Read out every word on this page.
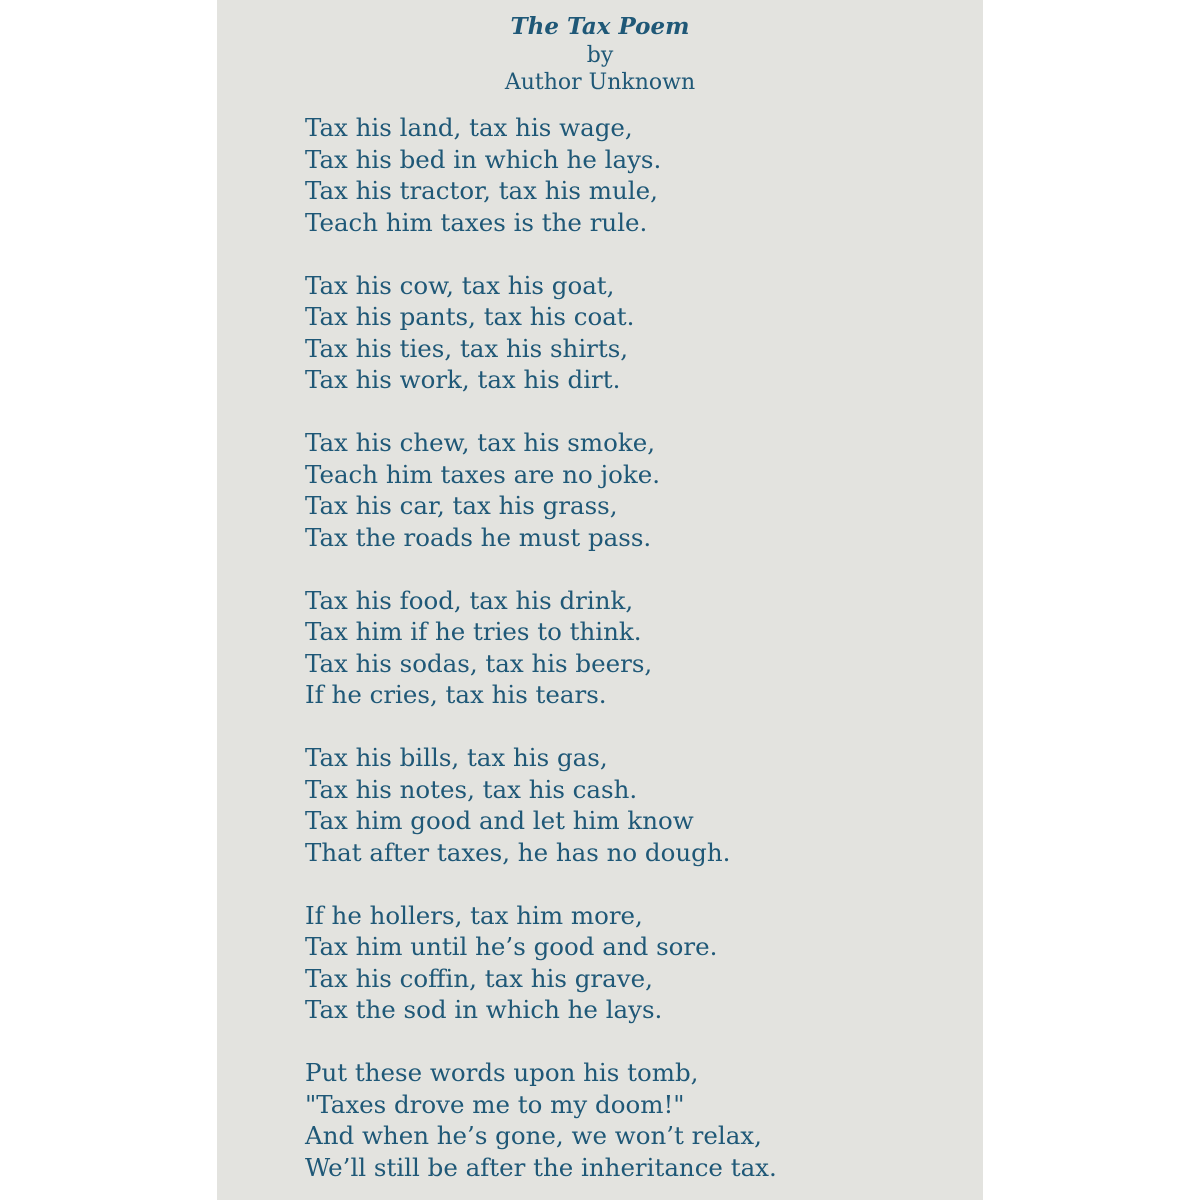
The Tax Poem
by
Author Unknown
Tax his land, tax his wage,
Tax his bed in which he lays.
Tax his tractor, tax his mule,
Teach him taxes is the rule.
Tax his cow, tax his goat,
Tax his pants, tax his coat.
Tax his ties, tax his shirts,
Tax his work, tax his dirt.
Tax his chew, tax his smoke,
Teach him taxes are no joke.
Tax his car, tax his grass,
Tax the roads he must pass.
Tax his food, tax his drink,
Tax him if he tries to think.
Tax his sodas, tax his beers,
If he cries, tax his tears.
Tax his bills, tax his gas,
Tax his notes, tax his cash.
Tax him good and let him know
That after taxes, he has no dough.
If he hollers, tax him more,
Tax him until he’s good and sore.
Tax his coffin, tax his grave,
Tax the sod in which he lays.
Put these words upon his tomb,
"Taxes drove me to my doom!"
And when he’s gone, we won’t relax,
We’ll still be after the inheritance tax.
